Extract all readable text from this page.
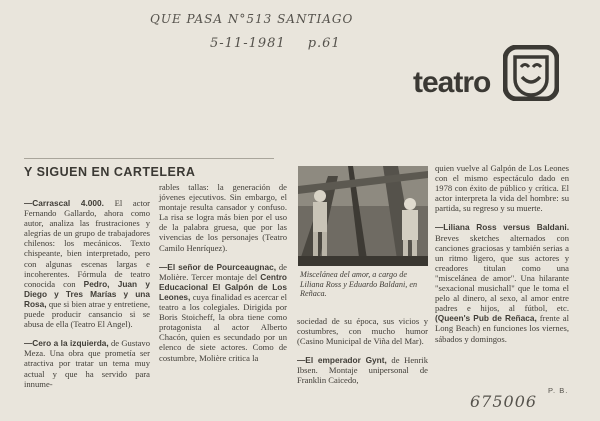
QUE PASA N°513 SANTIAGO
5-11-1981 p.61
teatro
Y SIGUEN EN CARTELERA

—Carrascal 4.000. El actor Fernando Gallardo, ahora como autor, analiza las frustraciones y alegrías de un grupo de trabajadores chilenos: los mecánicos. Texto chispeante, bien interpretado, pero con algunas escenas largas e incoherentes. Fórmula de teatro conocida con Pedro, Juan y Diego y Tres Marías y una Rosa, que si bien atrae y entretiene, puede producir cansancio si se abusa de ella (Teatro El Angel).

—Cero a la izquierda, de Gustavo Meza. Una obra que prometía ser atractiva por tratar un tema muy actual y que ha servido para innume-

rables tallas: la generación de jóvenes ejecutivos. Sin embargo, el montaje resulta cansador y confuso. La risa se logra más bien por el uso de la palabra gruesa, que por las vivencias de los personajes (Teatro Camilo Henríquez).

—El señor de Pourceaugnac, de Molière. Tercer montaje del Centro Educacional El Galpón de Los Leones, cuya finalidad es acercar el teatro a los colegiales. Dirigida por Boris Stoicheff, la obra tiene como protagonista al actor Alberto Chacón, quien es secundado por un elenco de siete actores. Como de costumbre, Molière critica la

Misceláneа del amor, a cargo de Liliana Ross y Eduardo Baldani, en Reñaca.

sociedad de su época, sus vicios y costumbres, con mucho humor (Casino Municipal de Viña del Mar).

—El emperador Gynt, de Henrik Ibsen. Montaje unipersonal de Franklin Caicedo,

quien vuelve al Galpón de Los Leones con el mismo espectáculo dado en 1978 con éxito de público y crítica. El actor interpreta la vida del hombre: su partida, su regreso y su muerte.

—Liliana Ross versus Baldani. Breves sketches alternados con canciones graciosas y también serias a un ritmo ligero, que sus actores y creadores titulan como una "misceláneа de amor". Una hilarante "sexacional musichall" que le toma el pelo al dinero, al sexo, al amor entre padres e hijos, al fútbol, etc. (Queen's Pub de Reñaca, frente al Long Beach) en funciones los viernes, sábados y domingos.

P. B.
675006
